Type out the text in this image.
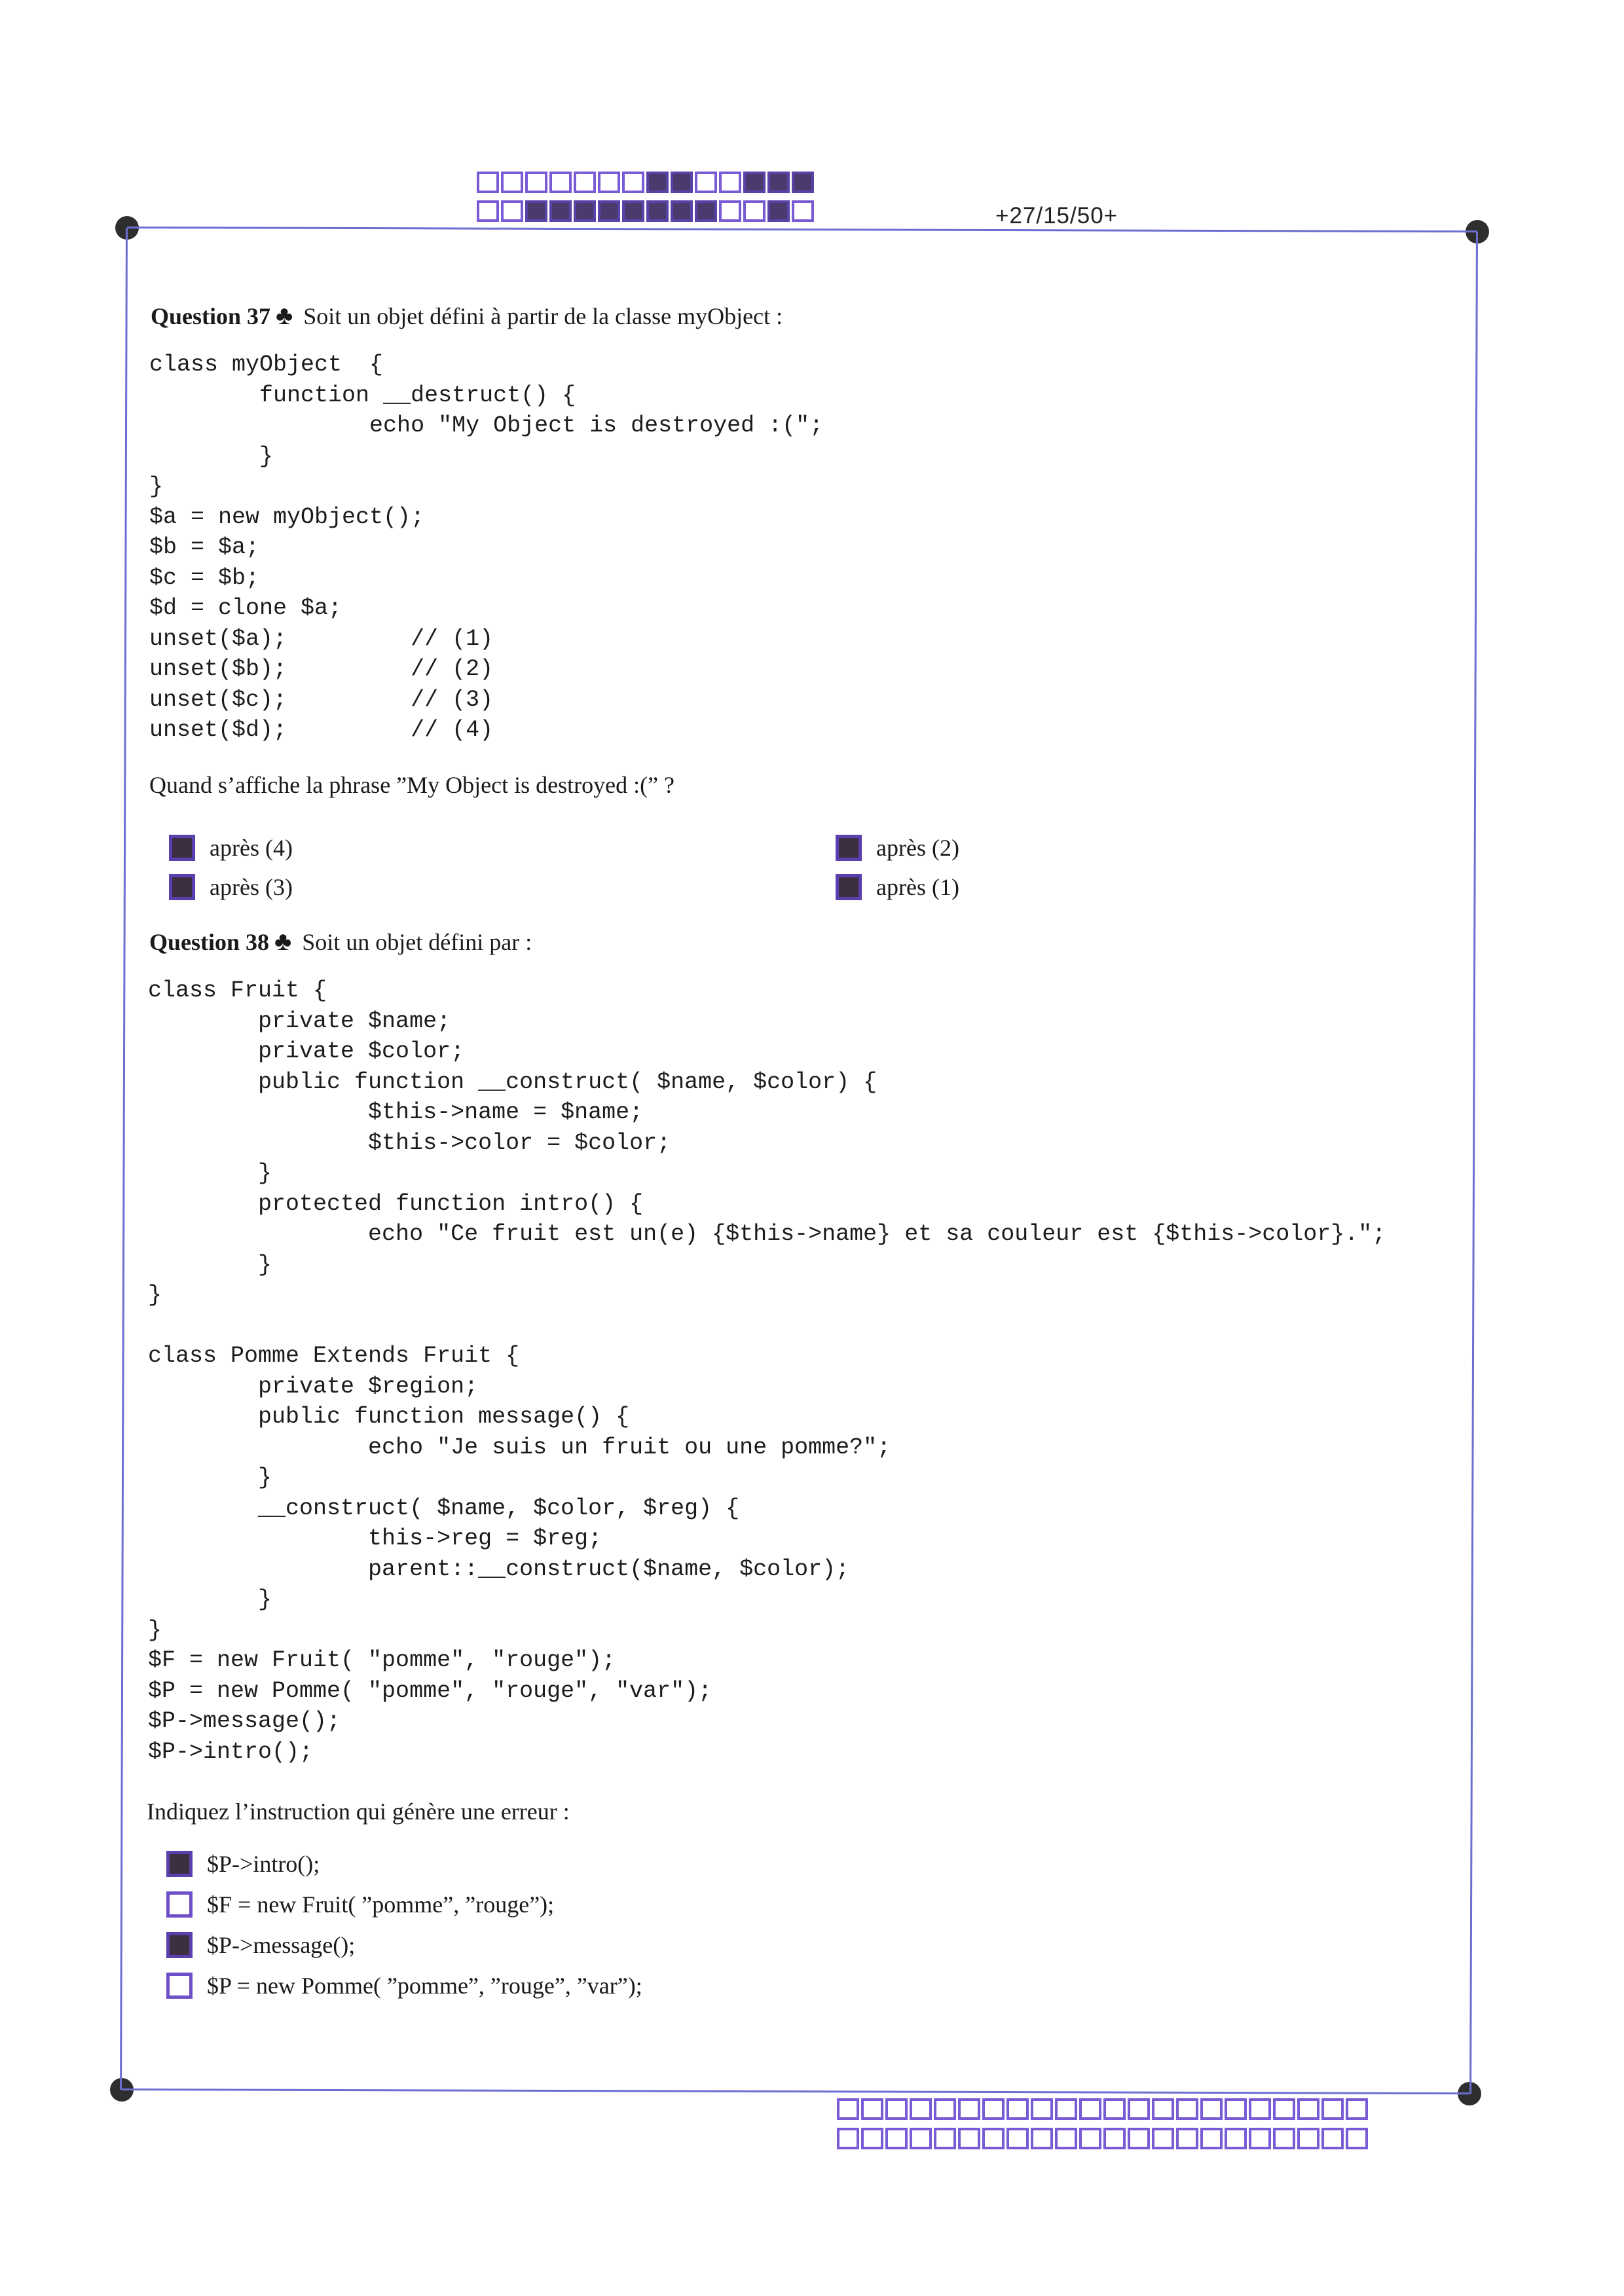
+27/15/50+
Question 37 ♣ Soit un objet défini à partir de la classe myObject :
class myObject  {
function __destruct() {
echo "My Object is destroyed :(";
}
}
$a = new myObject();
$b = $a;
$c = $b;
$d = clone $a;
unset($a);         // (1)
unset($b);         // (2)
unset($c);         // (3)
unset($d);         // (4)
Quand s’affiche la phrase ”My Object is destroyed :(” ?
après (4)
après (3)
après (2)
après (1)
Question 38 ♣ Soit un objet défini par :
class Fruit {
private $name;
private $color;
public function __construct( $name, $color) {
$this->name = $name;
$this->color = $color;
}
protected function intro() {
echo "Ce fruit est un(e) {$this->name} et sa couleur est {$this->color}.";
}
}

class Pomme Extends Fruit {
private $region;
public function message() {
echo "Je suis un fruit ou une pomme?";
}
__construct( $name, $color, $reg) {
this->reg = $reg;
parent::__construct($name, $color);
}
}
$F = new Fruit( "pomme", "rouge");
$P = new Pomme( "pomme", "rouge", "var");
$P->message();
$P->intro();
Indiquez l’instruction qui génère une erreur :
$P->intro();
$F = new Fruit( ”pomme”, ”rouge”);
$P->message();
$P = new Pomme( ”pomme”, ”rouge”, ”var”);
